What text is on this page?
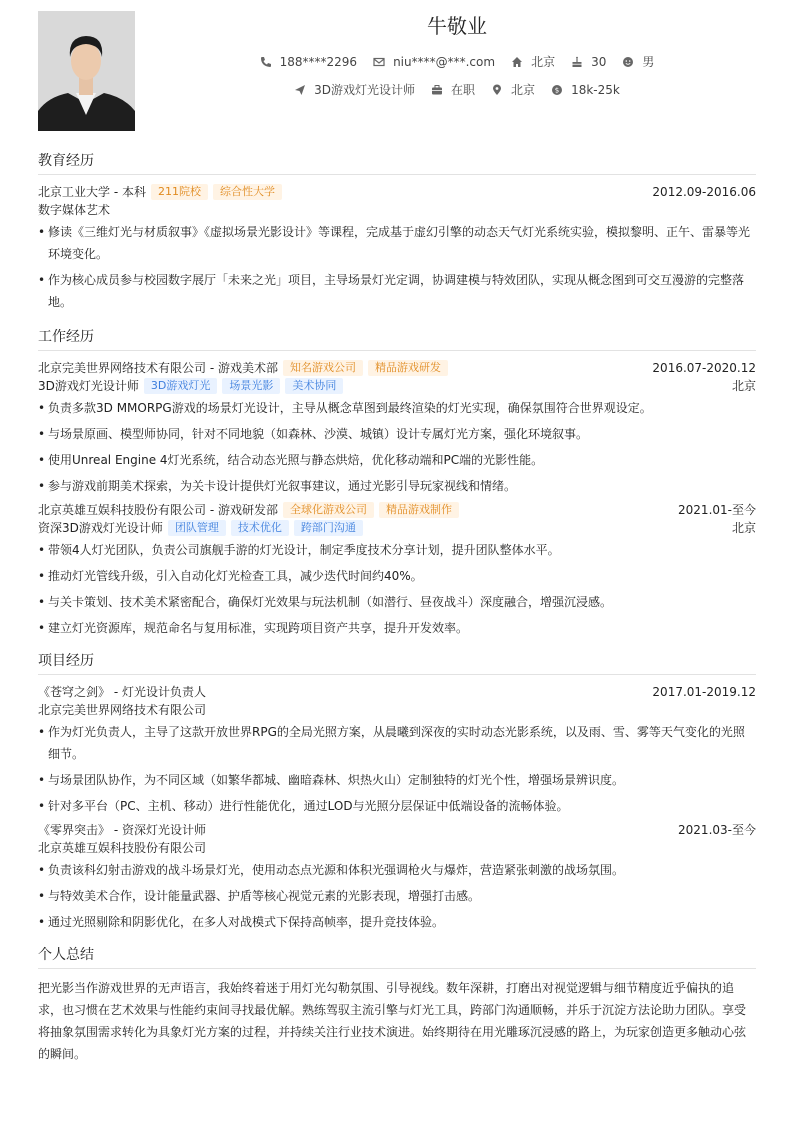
牛敬业
188****2296	niu****@***.com	北京	30	男
3D游戏灯光设计师	在职	北京	$ 18k-25k
教育经历
北京工业大学 - 本科	211院校	综合性大学	2012.09-2016.06
数字媒体艺术
• 修读《三维灯光与材质叙事》《虚拟场景光影设计》等课程，完成基于虚幻引擎的动态天气灯光系统实验，模拟黎明、正午、雷暴等光环境变化。
• 作为核心成员参与校园数字展厅「未来之光」项目，主导场景灯光定调，协调建模与特效团队，实现从概念图到可交互漫游的完整落地。
工作经历
北京完美世界网络技术有限公司 - 游戏美术部	知名游戏公司	精品游戏研发	2016.07-2020.12
3D游戏灯光设计师	3D游戏灯光	场景光影	美术协同	北京
• 负责多款3D MMORPG游戏的场景灯光设计，主导从概念草图到最终渲染的灯光实现，确保氛围符合世界观设定。
• 与场景原画、模型师协同，针对不同地貌（如森林、沙漠、城镇）设计专属灯光方案，强化环境叙事。
• 使用Unreal Engine 4灯光系统，结合动态光照与静态烘焙，优化移动端和PC端的光影性能。
• 参与游戏前期美术探索，为关卡设计提供灯光叙事建议，通过光影引导玩家视线和情绪。
北京英雄互娱科技股份有限公司 - 游戏研发部	全球化游戏公司	精品游戏制作	2021.01-至今
资深3D游戏灯光设计师	团队管理	技术优化	跨部门沟通	北京
• 带领4人灯光团队，负责公司旗舰手游的灯光设计，制定季度技术分享计划，提升团队整体水平。
• 推动灯光管线升级，引入自动化灯光检查工具，减少迭代时间约40%。
• 与关卡策划、技术美术紧密配合，确保灯光效果与玩法机制（如潜行、昼夜战斗）深度融合，增强沉浸感。
• 建立灯光资源库，规范命名与复用标准，实现跨项目资产共享，提升开发效率。
项目经历
《苍穹之剑》 - 灯光设计负责人	2017.01-2019.12
北京完美世界网络技术有限公司
• 作为灯光负责人，主导了这款开放世界RPG的全局光照方案，从晨曦到深夜的实时动态光影系统，以及雨、雪、雾等天气变化的光照细节。
• 与场景团队协作，为不同区域（如繁华都城、幽暗森林、炽热火山）定制独特的灯光个性，增强场景辨识度。
• 针对多平台（PC、主机、移动）进行性能优化，通过LOD与光照分层保证中低端设备的流畅体验。
《零界突击》 - 资深灯光设计师	2021.03-至今
北京英雄互娱科技股份有限公司
• 负责该科幻射击游戏的战斗场景灯光，使用动态点光源和体积光强调枪火与爆炸，营造紧张刺激的战场氛围。
• 与特效美术合作，设计能量武器、护盾等核心视觉元素的光影表现，增强打击感。
• 通过光照剔除和阴影优化，在多人对战模式下保持高帧率，提升竞技体验。
个人总结
把光影当作游戏世界的无声语言，我始终着迷于用灯光勾勒氛围、引导视线。数年深耕，打磨出对视觉逻辑与细节精度近乎偏执的追求，也习惯在艺术效果与性能约束间寻找最优解。熟练驾驭主流引擎与灯光工具，跨部门沟通顺畅，并乐于沉淀方法论助力团队。享受将抽象氛围需求转化为具象灯光方案的过程，并持续关注行业技术演进。始终期待在用光雕琢沉浸感的路上，为玩家创造更多触动心弦的瞬间。
